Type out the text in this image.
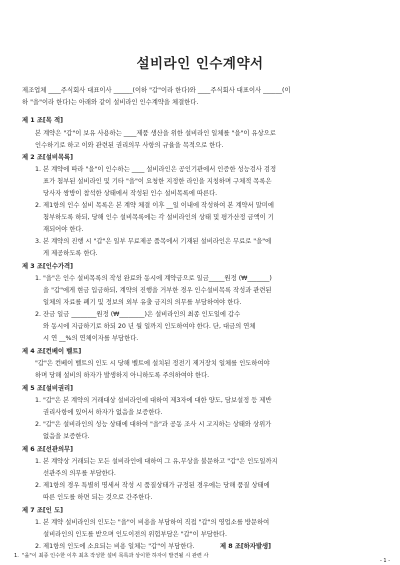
설비라인 인수계약서
제조업체 ____주식회사 대표이사 ______(이하 "갑"이라 한다)와 ____주식회사 대표이사 ______(이
하 "을"이라 한다)는 아래와 같이 설비라인 인수계약을 체결한다.
제 1 조[목 적]
본 계약은 "갑"이 보유 사용하는 ____제품 생산을 위한 설비라인 일체를 "을"이 유상으로
인수하기로 하고 이와 관련된 권리의무 사항의 규율을 목적으로 한다.
제 2 조[설비목록]
1. 본 계약에 따라 "을"이 인수하는 ____ 설비라인은 공인기관에서 인증한 성능검사 검정
표가 첨부된 설비라인 및 기타 "을"이 요청한 지정한 라인을 지칭하며 구체적 목록은
당사자 쌍방이 참석한 상태에서 작성된 인수 설비목록에 따른다.
2. 제1항의 인수 설비 목록은 본 계약 체결 이후 __일 이내에 작성하여 본 계약서 말미에
첨부하도록 하되, 당해 인수 설비목록에는 각 설비라인의 상태 및 평가산정 금액이 기
재되어야 한다.
3. 본 계약의 진행 시 "갑"은 일부 무료제공 품목에서 기재된 설비라인은 무료로 "을"에
게 제공하도록 한다.
제 3 조[인수가격]
1. "을"은 인수 설비목록의 작성 완료와 동시에 계약금으로 일금_____원정 (₩_______)
을 "갑"에게 현금 입금하되, 계약의 진행을 거부한 경우 인수설비목록 작성과 관련된
일체의 자료를 폐기 및 정보의 외부 유출 금지의 의무를 부담하여야 한다.
2. 잔금 일금 ________원정 (₩________)은 설비라인의 최종 인도일에 갑수
와 동시에 지급하기로 하되 20 년 월 일까지 인도하여야 한다. 단, 대금의 연체
시 연 __%의 연체이자를 부담한다.
제 4 조[컨베이 벨트]
"갑"은 컨베이 벨트의 인도 시 당해 벨트에 설치된 정전기 제거장치 일체를 인도하여야
하며 당해 설비의 하자가 발생하지 아니하도록 주의하여야 한다.
제 5 조[설비권리]
1. "갑"은 본 계약의 거래대상 설비라인에 대하여 제3자에 대한 양도, 담보설정 등 제반
권리사항에 있어서 하자가 없음을 보증한다.
2. "갑"은 설비라인의 성능 상태에 대하여 "을"과 공동 조사 시 고지하는 상태와 상위가
없음을 보증한다.
제 6 조[선관의무]
1. 본 계약상 거래되는 모든 설비라인에 대하여 그 유,무상을 불문하고 "갑"은 인도일까지
선관주의 의무를 부담한다.
2. 제1항의 경우 특별히 명세서 작성 시 품질상태가 규정된 경우에는 당해 품질 상태에
따른 인도를 하면 되는 것으로 간주한다.
제 7 조[인 도]
1. 본 계약 설비라인의 인도는 "을"이 비용을 부담하여 직접 "갑"의 영업소를 방문하여
설비라인의 인도를 받으며 인도이전의 위험부담은 "갑"이 부담한다.
2. 제1항의 인도에 소요되는 비용 일체는 "갑"이 부담한다.	제 8 조[하자발생]
"을"이 최종 인수한 이후 최초 작성한 설비 목록과 상이한 하자이 발견될 시 관련 사
1.
- 1 -
